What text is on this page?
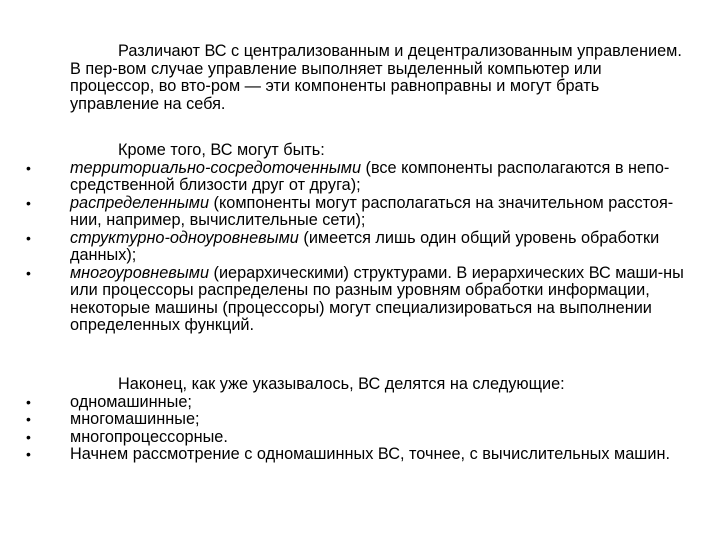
Различают ВС с централизованным и децентрализованным управлением. В пер-вом случае управление выполняет выделенный компьютер или процессор, во вто-ром — эти компоненты равноправны и могут брать управление на себя.

Кроме того, ВС могут быть:

• территориально-сосредоточенными (все компоненты располагаются в непо-средственной близости друг от друга);
• распределенными (компоненты могут располагаться на значительном расстоя-нии, например, вычислительные сети);
• структурно-одноуровневыми (имеется лишь один общий уровень обработки данных);
• многоуровневыми (иерархическими) структурами. В иерархических ВС маши-ны или процессоры распределены по разным уровням обработки информации, некоторые машины (процессоры) могут специализироваться на выполнении определенных функций.

Наконец, как уже указывалось, ВС делятся на следующие:

• одномашинные;
• многомашинные;
• многопроцессорные.
• Начнем рассмотрение с одномашинных ВС, точнее, с вычислительных машин.
